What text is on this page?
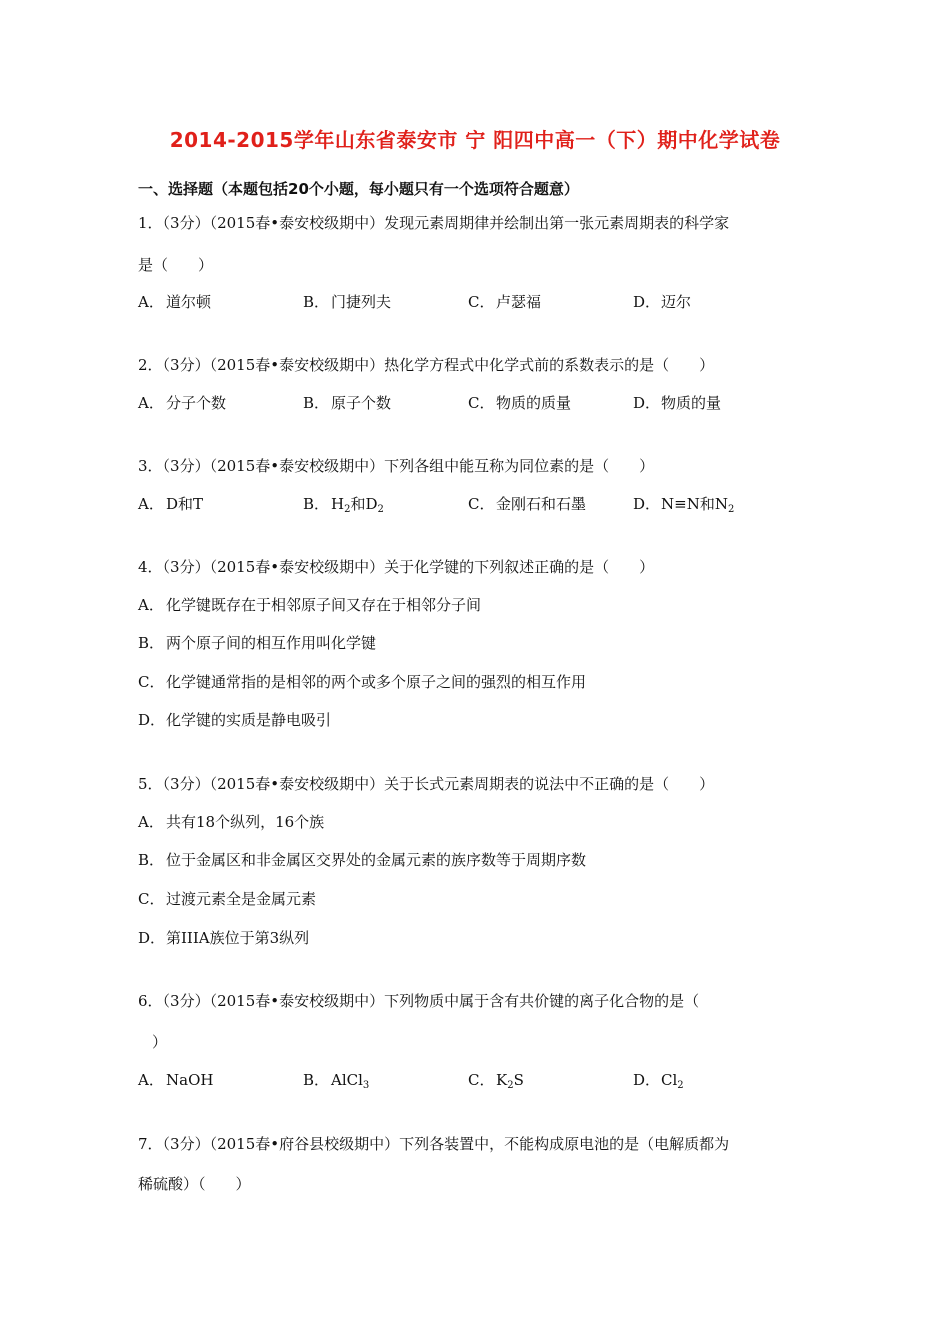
2014-2015学年山东省泰安市 宁 阳四中高一（下）期中化学试卷
一、选择题（本题包括20个小题，每小题只有一个选项符合题意）
1．（3分）（2015春•泰安校级期中）发现元素周期律并绘制出第一张元素周期表的科学家
是（　　）
A． 道尔顿	B． 门捷列夫	C． 卢瑟福	D．迈尔
2．（3分）（2015春•泰安校级期中）热化学方程式中化学式前的系数表示的是（　　）
A． 分子个数	B． 原子个数	C． 物质的质量	D．物质的量
3．（3分）（2015春•泰安校级期中）下列各组中能互称为同位素的是（　　）
A． D和T	B． $H_2$和$D_2$	C． 金刚石和石墨	D．N≡N和$N_2$
4．（3分）（2015春•泰安校级期中）关于化学键的下列叙述正确的是（　　）
A． 化学键既存在于相邻原子间又存在于相邻分子间
B． 两个原子间的相互作用叫化学键
C． 化学键通常指的是相邻的两个或多个原子之间的强烈的相互作用
D．化学键的实质是静电吸引
5．（3分）（2015春•泰安校级期中）关于长式元素周期表的说法中不正确的是（　　）
A． 共有18个纵列，16个族
B． 位于金属区和非金属区交界处的金属元素的族序数等于周期序数
C． 过渡元素全是金属元素
D．第IIIA族位于第3纵列
6．（3分）（2015春•泰安校级期中）下列物质中属于含有共价键的离子化合物的是（
）
A． NaOH	B． AlCl$_3$	C． $K_2S$	D．$Cl_2$
7．（3分）（2015春•府谷县校级期中）下列各装置中，不能构成原电池的是（电解质都为
稀硫酸）（　　）
